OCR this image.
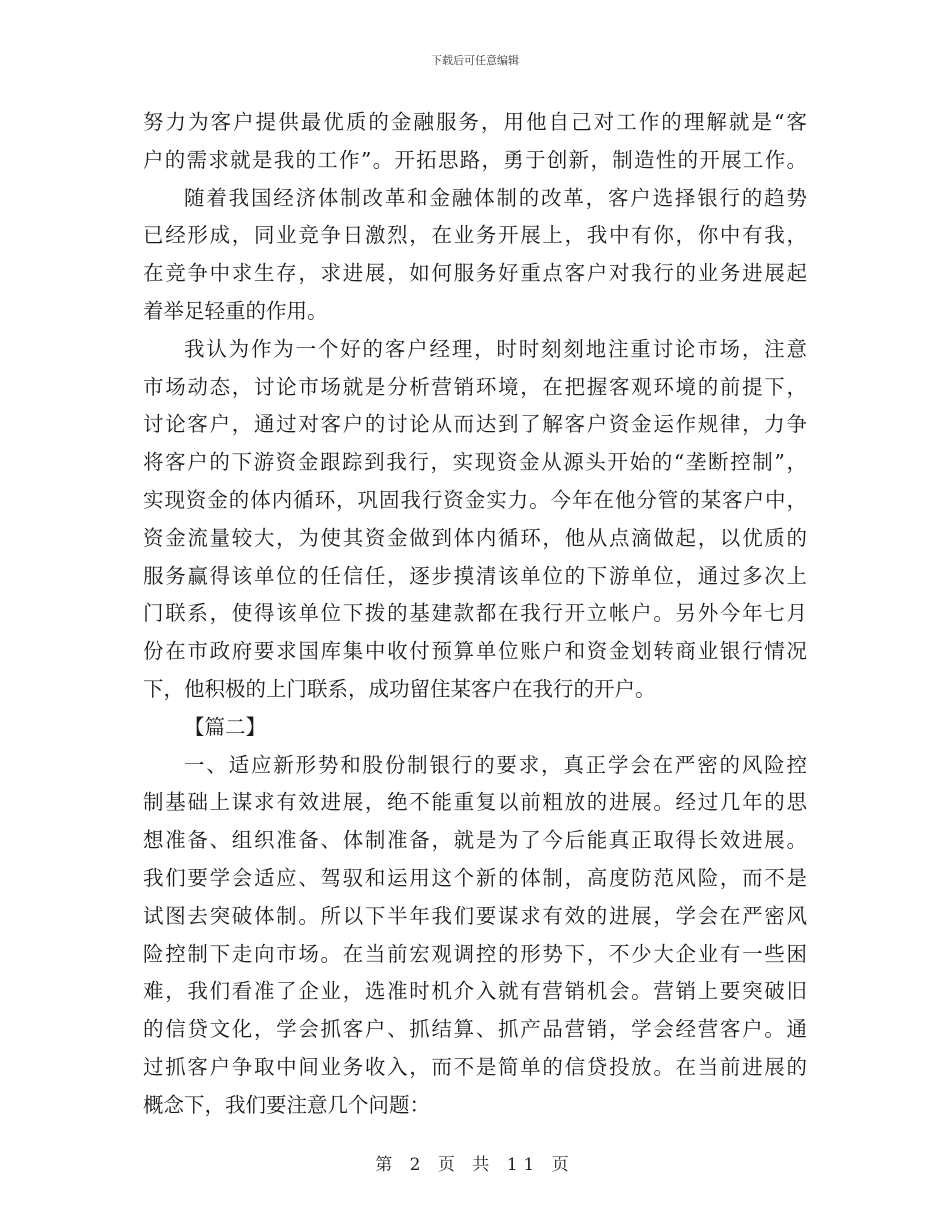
下载后可任意编辑
努力为客户提供最优质的金融服务，用他自己对工作的理解就是“客
户的需求就是我的工作”。开拓思路，勇于创新，制造性的开展工作。
随着我国经济体制改革和金融体制的改革，客户选择银行的趋势
已经形成，同业竞争日激烈，在业务开展上，我中有你，你中有我，
在竞争中求生存，求进展，如何服务好重点客户对我行的业务进展起
着举足轻重的作用。
我认为作为一个好的客户经理，时时刻刻地注重讨论市场，注意
市场动态，讨论市场就是分析营销环境，在把握客观环境的前提下，
讨论客户，通过对客户的讨论从而达到了解客户资金运作规律，力争
将客户的下游资金跟踪到我行，实现资金从源头开始的“垄断控制”，
实现资金的体内循环，巩固我行资金实力。今年在他分管的某客户中，
资金流量较大，为使其资金做到体内循环，他从点滴做起，以优质的
服务赢得该单位的任信任，逐步摸清该单位的下游单位，通过多次上
门联系，使得该单位下拨的基建款都在我行开立帐户。另外今年七月
份在市政府要求国库集中收付预算单位账户和资金划转商业银行情况
下，他积极的上门联系，成功留住某客户在我行的开户。
【篇二】
一、适应新形势和股份制银行的要求，真正学会在严密的风险控
制基础上谋求有效进展，绝不能重复以前粗放的进展。经过几年的思
想准备、组织准备、体制准备，就是为了今后能真正取得长效进展。
我们要学会适应、驾驭和运用这个新的体制，高度防范风险，而不是
试图去突破体制。所以下半年我们要谋求有效的进展，学会在严密风
险控制下走向市场。在当前宏观调控的形势下，不少大企业有一些困
难，我们看准了企业，选准时机介入就有营销机会。营销上要突破旧
的信贷文化，学会抓客户、抓结算、抓产品营销，学会经营客户。通
过抓客户争取中间业务收入，而不是简单的信贷投放。在当前进展的
概念下，我们要注意几个问题：
第 2 页 共 11 页
